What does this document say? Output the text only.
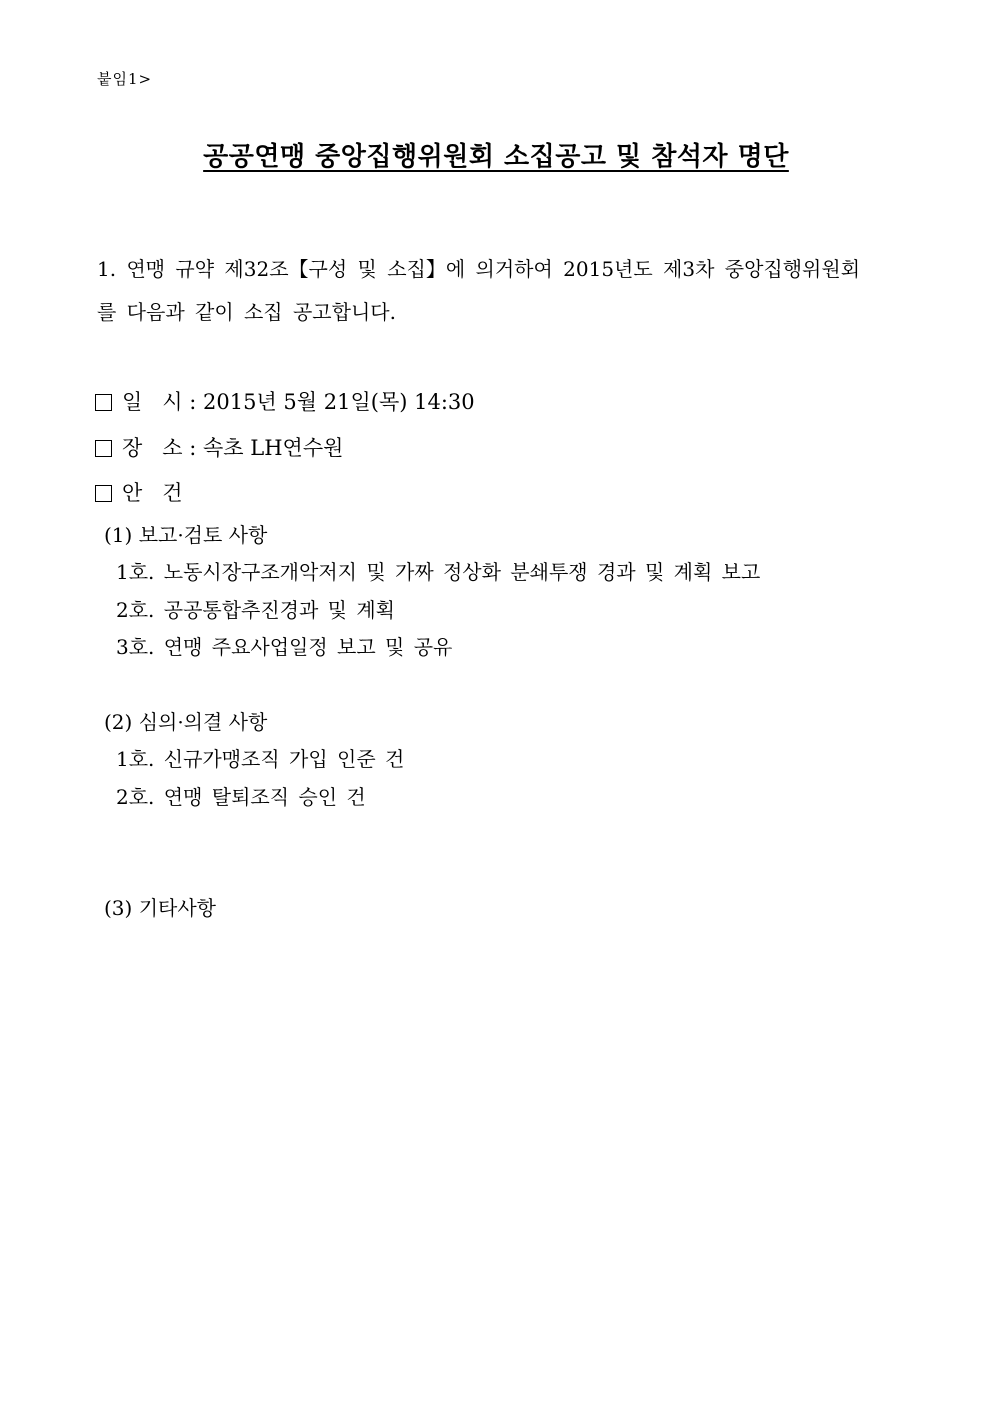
붙임1>
공공연맹 중앙집행위원회 소집공고 및 참석자 명단
1. 연맹 규약 제32조【구성 및 소집】에 의거하여 2015년도 제3차 중앙집행위원회
를 다음과 같이 소집 공고합니다.
일   시 : 2015년 5월 21일(목) 14:30
장   소 : 속초 LH연수원
안   건
(1) 보고·검토 사항
1호. 노동시장구조개악저지 및 가짜 정상화 분쇄투쟁 경과 및 계획 보고
2호. 공공통합추진경과 및 계획
3호. 연맹 주요사업일정 보고 및 공유
(2) 심의·의결 사항
1호. 신규가맹조직 가입 인준 건
2호. 연맹 탈퇴조직 승인 건
(3) 기타사항
